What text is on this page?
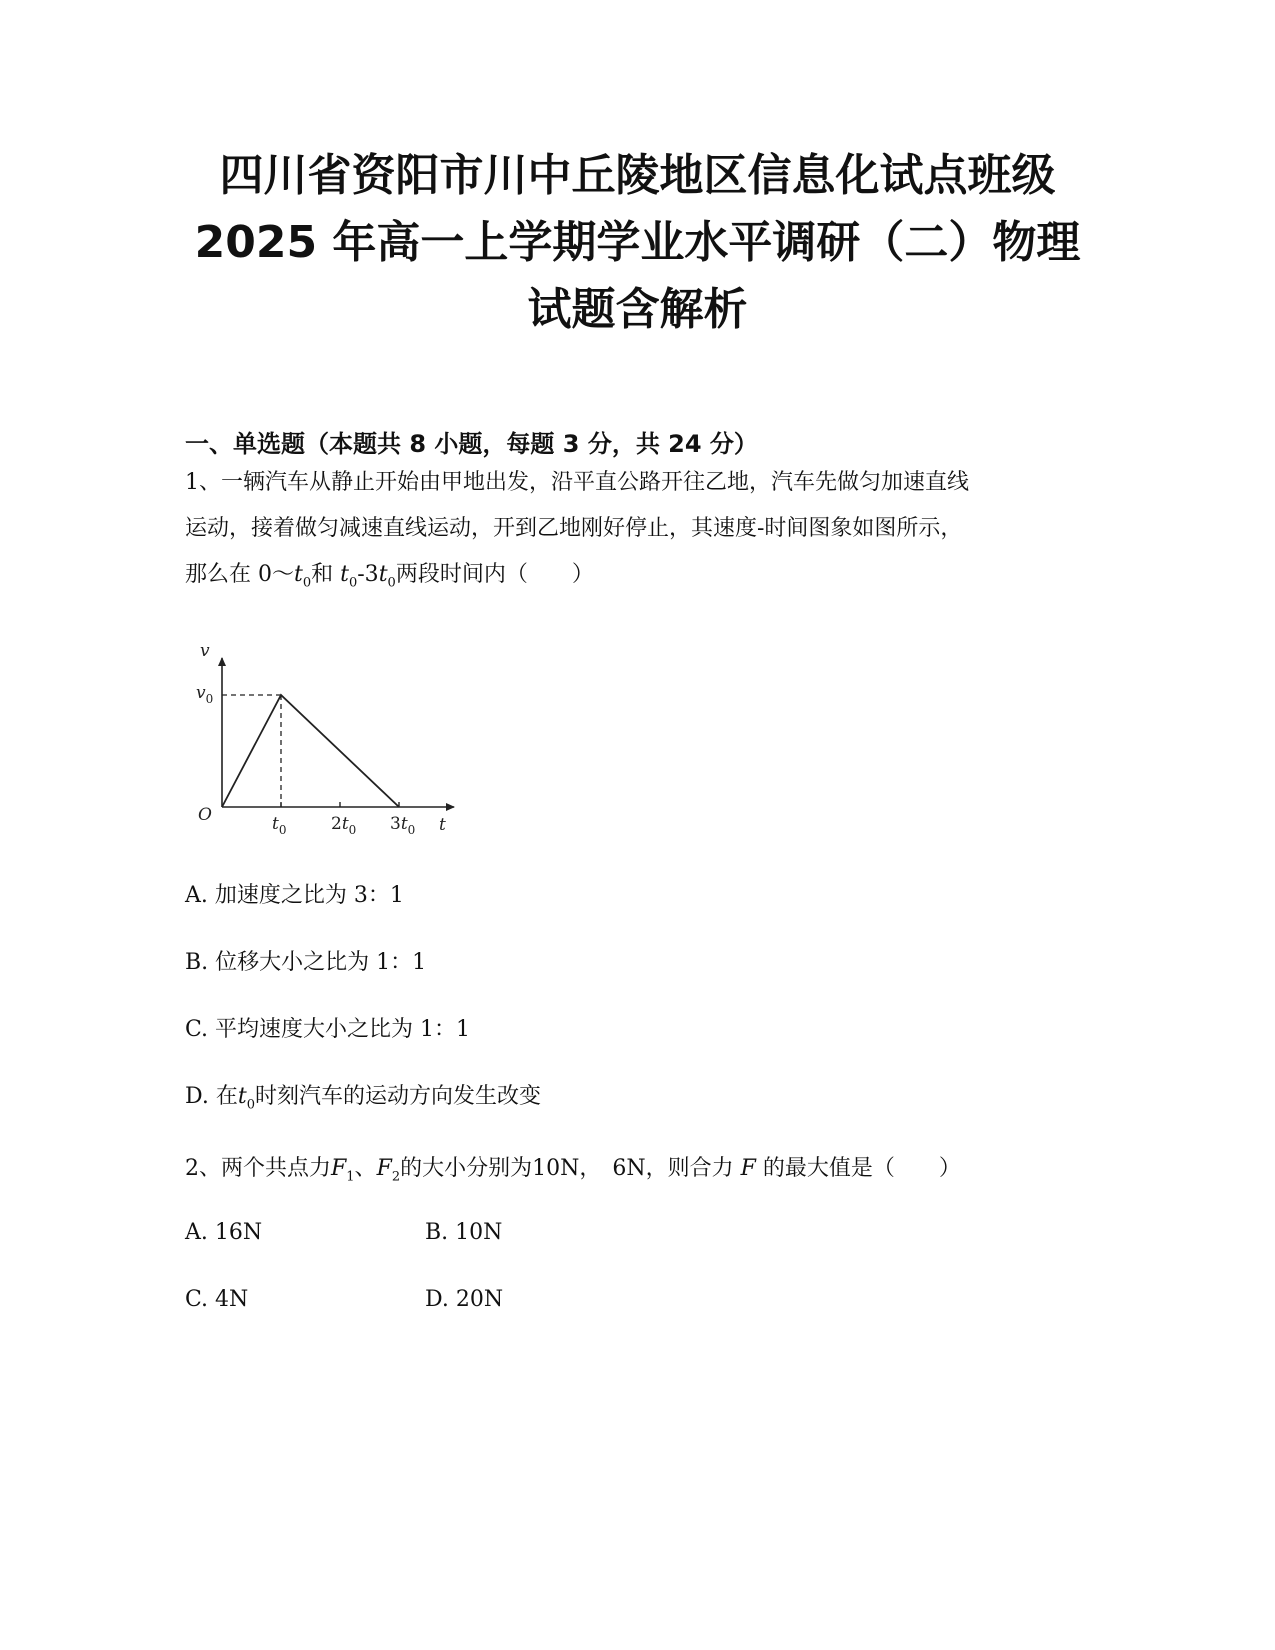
四川省资阳市川中丘陵地区信息化试点班级
2025 年高一上学期学业水平调研（二）物理
试题含解析
一、单选题（本题共 8 小题，每题 3 分，共 24 分）
1、一辆汽车从静止开始由甲地出发，沿平直公路开往乙地，汽车先做匀加速直线
运动，接着做匀减速直线运动，开到乙地刚好停止，其速度-时间图象如图所示，
那么在 $0\sim t_0$和 $t_0-3t_0$两段时间内（　　）
v
t
O
$v_0$
$t_0$	$2t_0$ $3t_0$
A. 加速度之比为 3：1
B. 位移大小之比为 1：1
C. 平均速度大小之比为 1：1
D. 在$t_0$时刻汽车的运动方向发生改变
2、两个共点力$F_1$、$F_2$的大小分别为10N，　6N，则合力 F 的最大值是（　　）
A. 16N	B. 10N
C. 4N	D. 20N
